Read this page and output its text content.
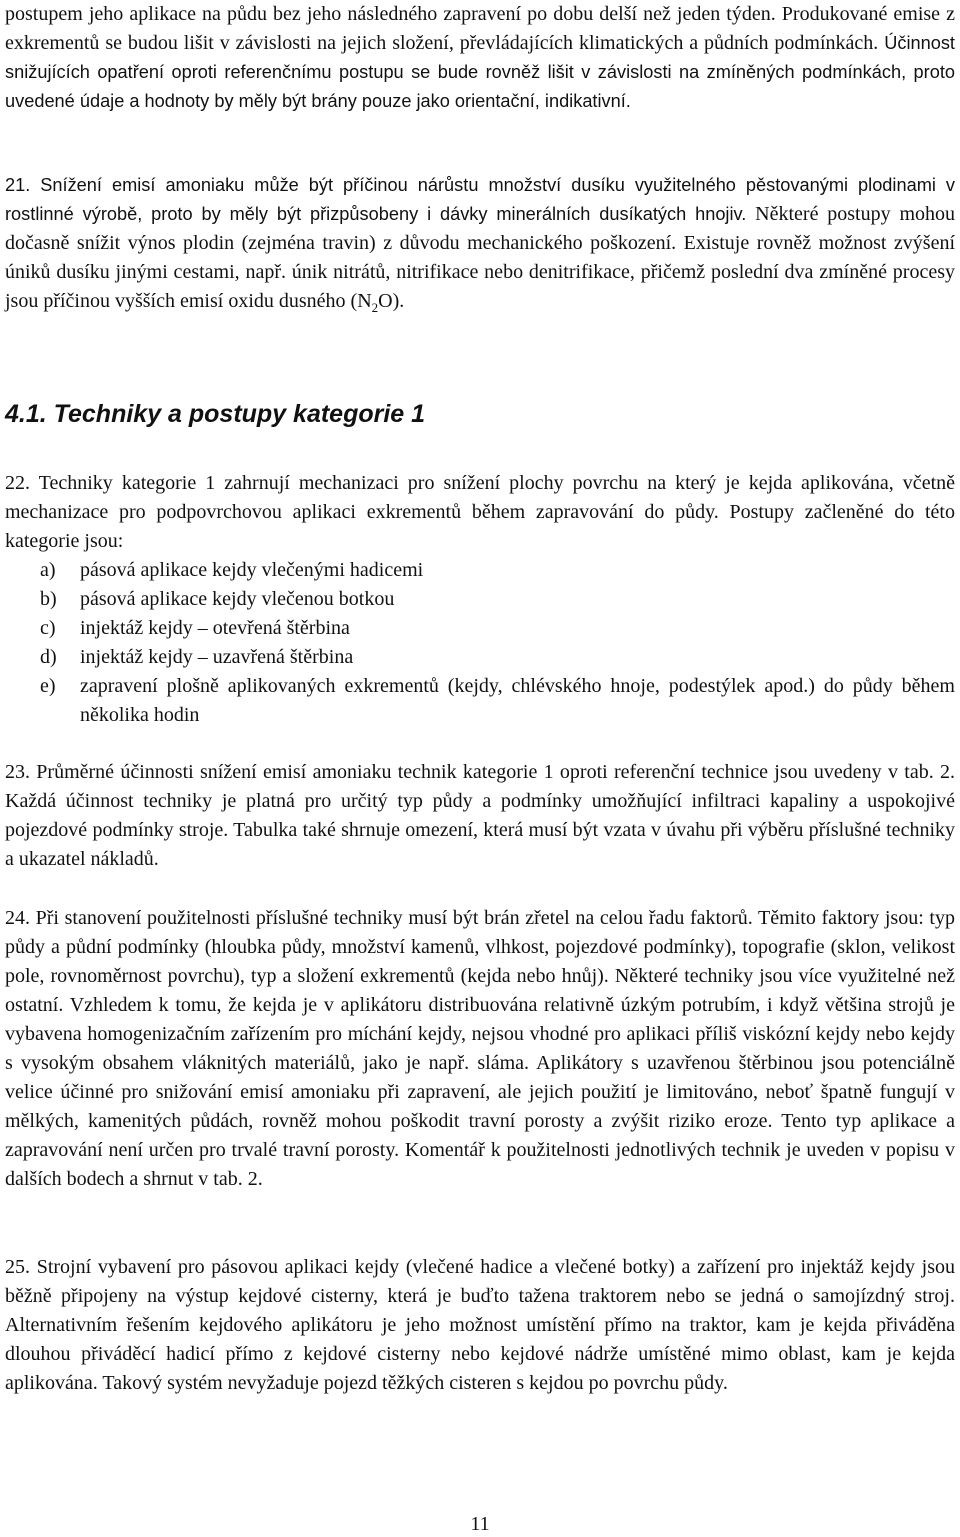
postupem jeho aplikace na půdu bez jeho následného zapravení po dobu delší než jeden týden. Produkované emise z exkrementů se budou lišit v závislosti na jejich složení, převládajících klimatických a půdních podmínkách. Účinnost snižujících opatření oproti referenčnímu postupu se bude rovněž lišit v závislosti na zmíněných podmínkách, proto uvedené údaje a hodnoty by měly být brány pouze jako orientační, indikativní.

21. Snížení emisí amoniaku může být příčinou nárůstu množství dusíku využitelného pěstovanými plodinami v rostlinné výrobě, proto by měly být přizpůsobeny i dávky minerálních dusíkatých hnojiv. Některé postupy mohou dočasně snížit výnos plodin (zejména travin) z důvodu mechanického poškození. Existuje rovněž možnost zvýšení úniků dusíku jinými cestami, např. únik nitrátů, nitrifikace nebo denitrifikace, přičemž poslední dva zmíněné procesy jsou příčinou vyšších emisí oxidu dusného $(N_2O)$.

4.1. Techniky a postupy kategorie 1

22. Techniky kategorie 1 zahrnují mechanizaci pro snížení plochy povrchu na který je kejda aplikována, včetně mechanizace pro podpovrchovou aplikaci exkrementů během zapravování do půdy. Postupy začleněné do této kategorie jsou:

a) pásová aplikace kejdy vlečenými hadicemi
b) pásová aplikace kejdy vlečenou botkou
c) injektáž kejdy – otevřená štěrbina
d) injektáž kejdy – uzavřená štěrbina
e) zapravení plošně aplikovaných exkrementů (kejdy, chlévského hnoje, podestýlek apod.) do půdy během několika hodin

23. Průměrné účinnosti snížení emisí amoniaku technik kategorie 1 oproti referenční technice jsou uvedeny v tab. 2. Každá účinnost techniky je platná pro určitý typ půdy a podmínky umožňující infiltraci kapaliny a uspokojivé pojezdové podmínky stroje. Tabulka také shrnuje omezení, která musí být vzata v úvahu při výběru příslušné techniky a ukazatel nákladů.

24. Při stanovení použitelnosti příslušné techniky musí být brán zřetel na celou řadu faktorů. Těmito faktory jsou: typ půdy a půdní podmínky (hloubka půdy, množství kamenů, vlhkost, pojezdové podmínky), topografie (sklon, velikost pole, rovnoměrnost povrchu), typ a složení exkrementů (kejda nebo hnůj). Některé techniky jsou více využitelné než ostatní. Vzhledem k tomu, že kejda je v aplikátoru distribuována relativně úzkým potrubím, i když většina strojů je vybavena homogenizačním zařízením pro míchání kejdy, nejsou vhodné pro aplikaci příliš viskózní kejdy nebo kejdy s vysokým obsahem vláknitých materiálů, jako je např. sláma. Aplikátory s uzavřenou štěrbinou jsou potenciálně velice účinné pro snižování emisí amoniaku při zapravení, ale jejich použití je limitováno, neboť špatně fungují v mělkých, kamenitých půdách, rovněž mohou poškodit travní porosty a zvýšit riziko eroze. Tento typ aplikace a zapravování není určen pro trvalé travní porosty. Komentář k použitelnosti jednotlivých technik je uveden v popisu v dalších bodech a shrnut v tab. 2.

25. Strojní vybavení pro pásovou aplikaci kejdy (vlečené hadice a vlečené botky) a zařízení pro injektáž kejdy jsou běžně připojeny na výstup kejdové cisterny, která je buďto tažena traktorem nebo se jedná o samojízdný stroj. Alternativním řešením kejdového aplikátoru je jeho možnost umístění přímo na traktor, kam je kejda přiváděna dlouhou přiváděcí hadicí přímo z kejdové cisterny nebo kejdové nádrže umístěné mimo oblast, kam je kejda aplikována. Takový systém nevyžaduje pojezd těžkých cisteren s kejdou po povrchu půdy.

11
